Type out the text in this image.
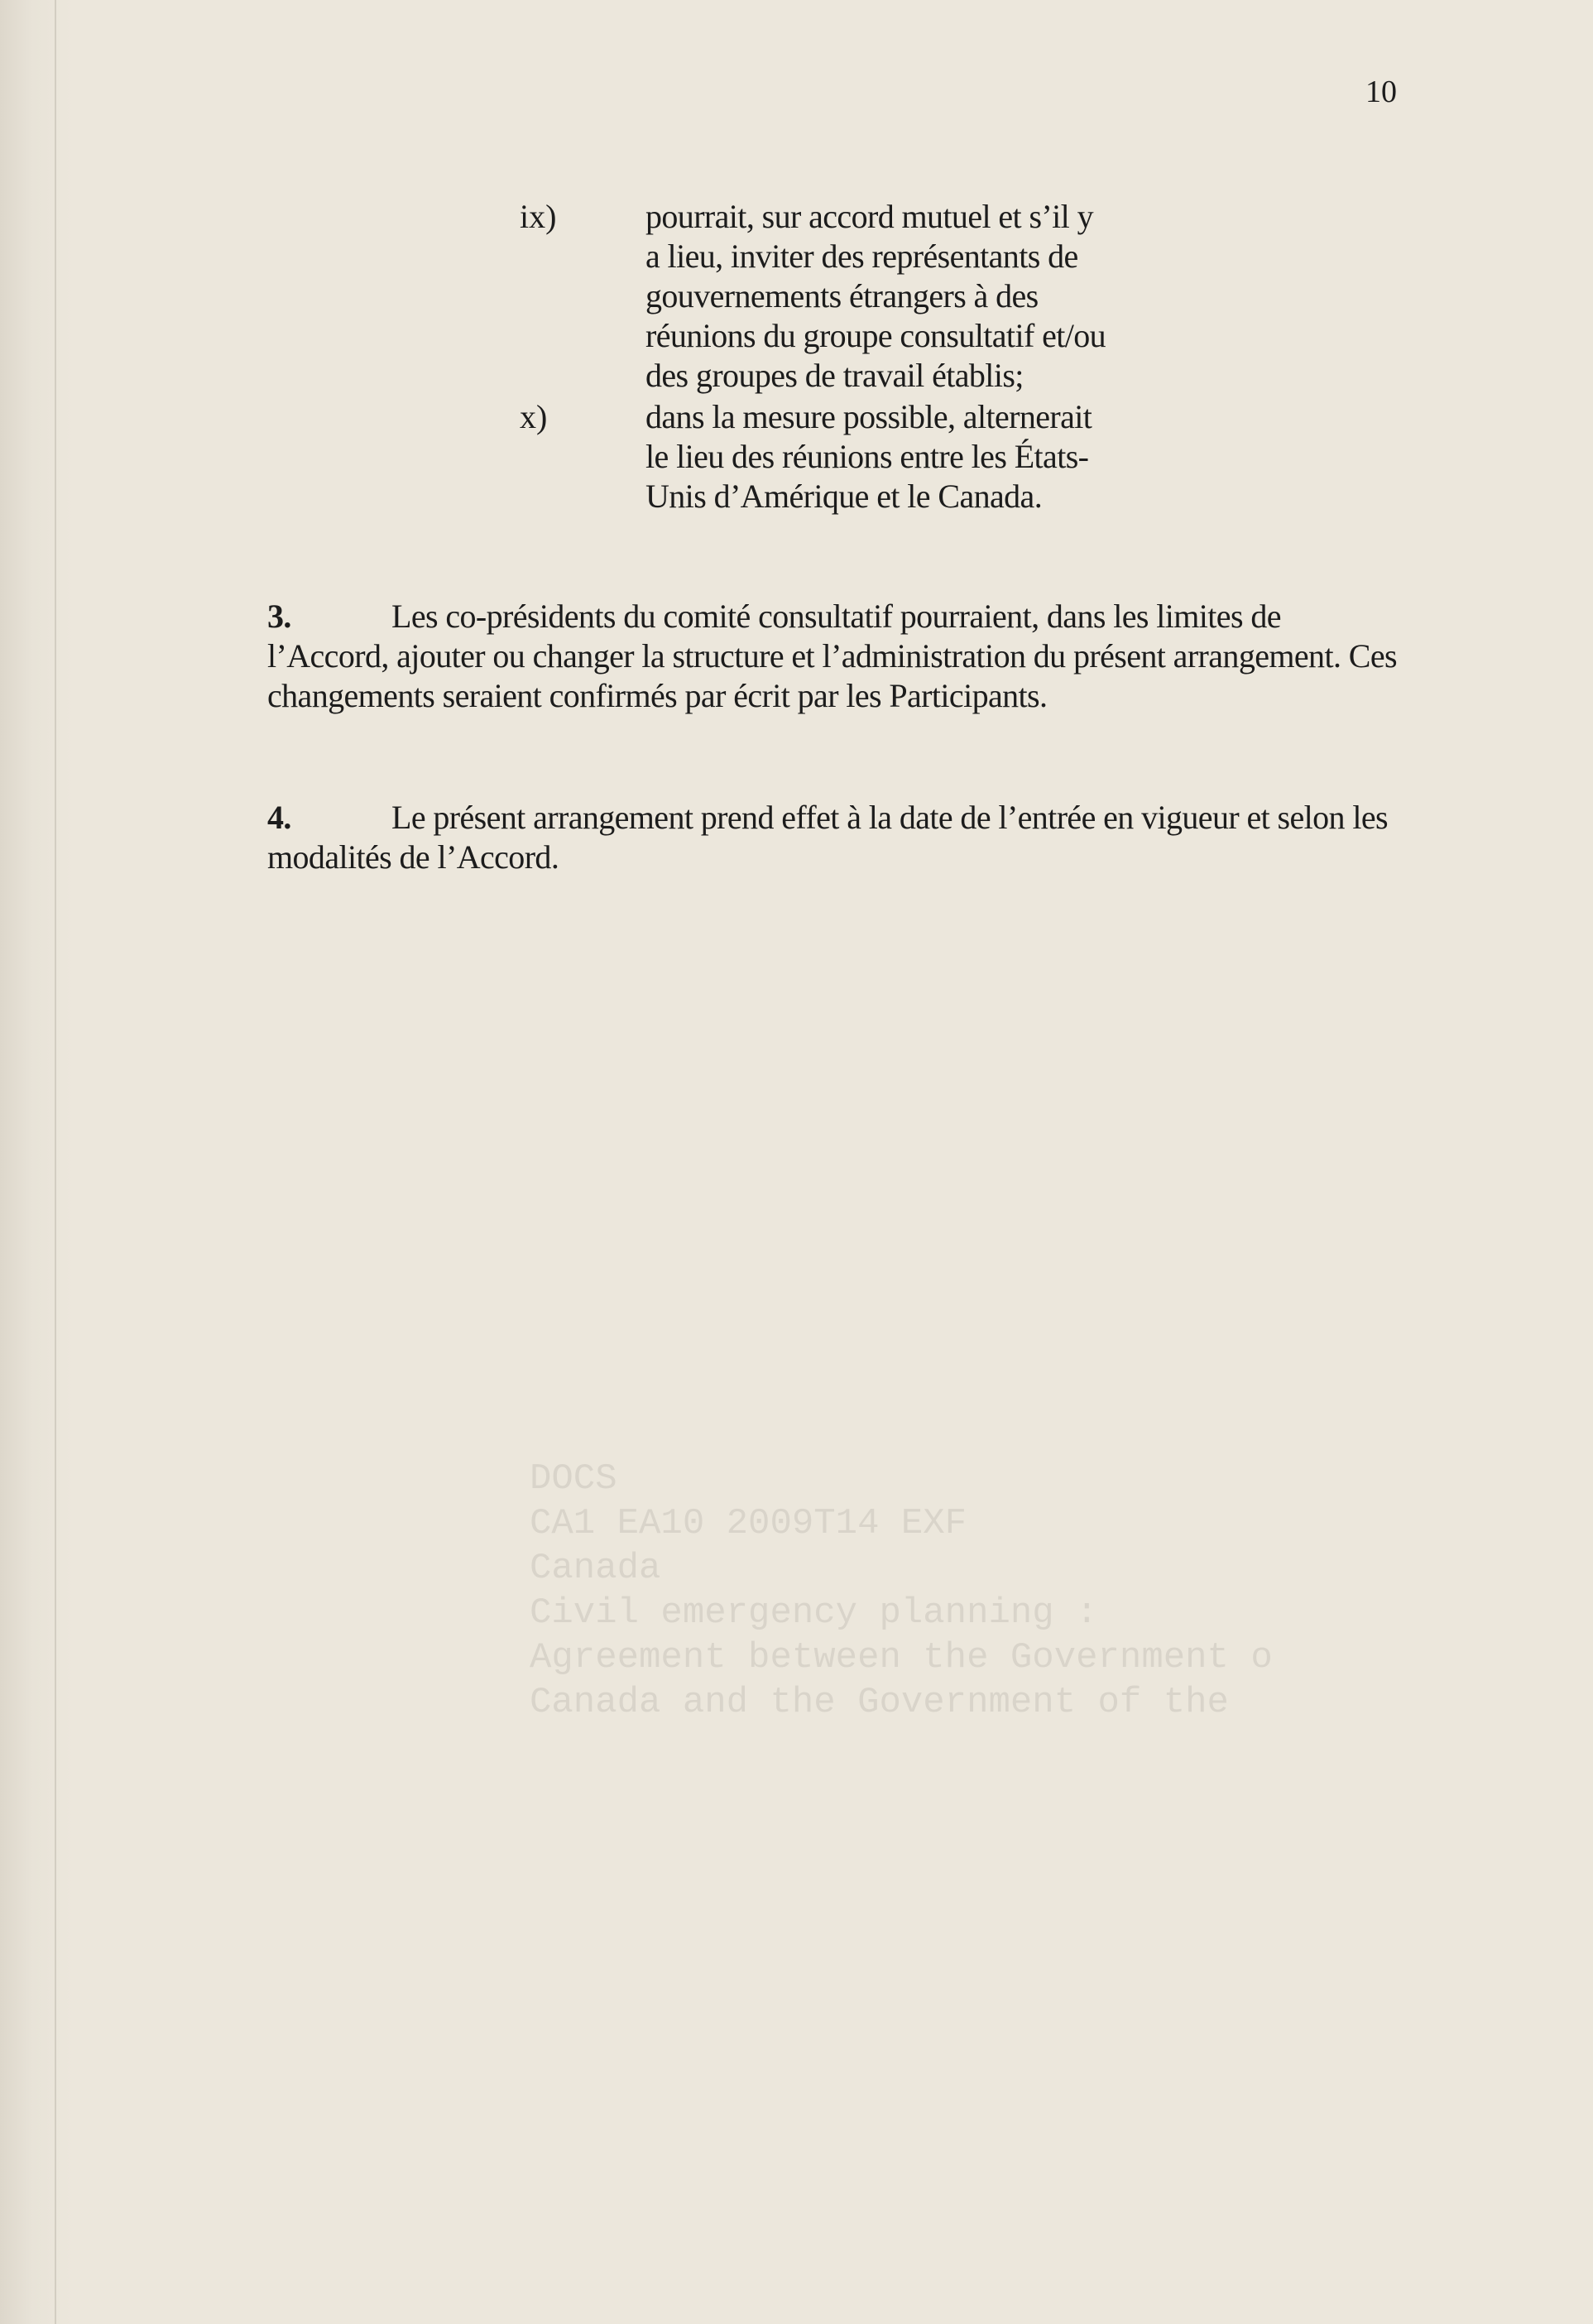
10
ix)	pourrait, sur accord mutuel et s’il y a lieu, inviter des représentants de gouvernements étrangers à des réunions du groupe consultatif et/ou des groupes de travail établis;
x)	dans la mesure possible, alternerait le lieu des réunions entre les États-Unis d’Amérique et le Canada.
3.	Les co-présidents du comité consultatif pourraient, dans les limites de l’Accord, ajouter ou changer la structure et l’administration du présent arrangement. Ces changements seraient confirmés par écrit par les Participants.
4.	Le présent arrangement prend effet à la date de l’entrée en vigueur et selon les modalités de l’Accord.
DOCS
CA1 EA10 2009T14 EXF
Canada
Civil emergency planning :
Agreement between the Government o
Canada and the Government of the
